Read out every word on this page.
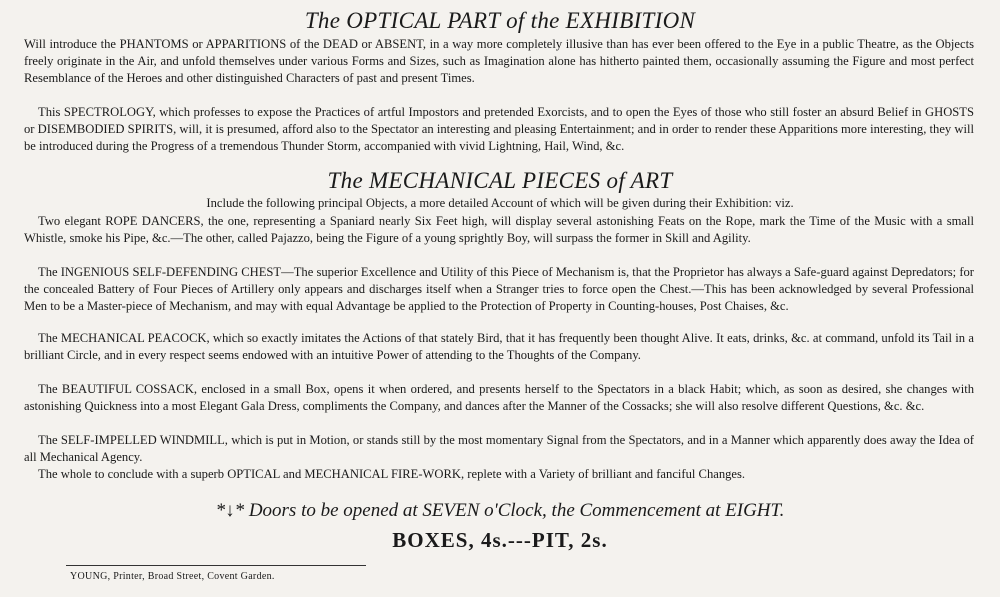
The OPTICAL PART of the EXHIBITION

Will introduce the PHANTOMS or APPARITIONS of the DEAD or ABSENT, in a way more completely illusive than has ever been offered to the Eye in a public Theatre, as the Objects freely originate in the Air, and unfold themselves under various Forms and Sizes, such as Imagination alone has hitherto painted them, occasionally assuming the Figure and most perfect Resemblance of the Heroes and other distinguished Characters of past and present Times.

This SPECTROLOGY, which professes to expose the Practices of artful Impostors and pretended Exorcists, and to open the Eyes of those who still foster an absurd Belief in GHOSTS or DISEMBODIED SPIRITS, will, it is presumed, afford also to the Spectator an interesting and pleasing Entertainment; and in order to render these Apparitions more interesting, they will be introduced during the Progress of a tremendous Thunder Storm, accompanied with vivid Lightning, Hail, Wind, &c.

The MECHANICAL PIECES of ART
Include the following principal Objects, a more detailed Account of which will be given during their Exhibition: viz.

Two elegant ROPE DANCERS, the one, representing a Spaniard nearly Six Feet high, will display several astonishing Feats on the Rope, mark the Time of the Music with a small Whistle, smoke his Pipe, &c.—The other, called Pajazzo, being the Figure of a young sprightly Boy, will surpass the former in Skill and Agility.

The INGENIOUS SELF-DEFENDING CHEST—The superior Excellence and Utility of this Piece of Mechanism is, that the Proprietor has always a Safe-guard against Depredators; for the concealed Battery of Four Pieces of Artillery only appears and discharges itself when a Stranger tries to force open the Chest.—This has been acknowledged by several Professional Men to be a Master-piece of Mechanism, and may with equal Advantage be applied to the Protection of Property in Counting-houses, Post Chaises, &c.

The MECHANICAL PEACOCK, which so exactly imitates the Actions of that stately Bird, that it has frequently been thought Alive. It eats, drinks, &c. at command, unfold its Tail in a brilliant Circle, and in every respect seems endowed with an intuitive Power of attending to the Thoughts of the Company.

The BEAUTIFUL COSSACK, enclosed in a small Box, opens it when ordered, and presents herself to the Spectators in a black Habit; which, as soon as desired, she changes with astonishing Quickness into a most Elegant Gala Dress, compliments the Company, and dances after the Manner of the Cossacks; she will also resolve different Questions, &c. &c.

The SELF-IMPELLED WINDMILL, which is put in Motion, or stands still by the most momentary Signal from the Spectators, and in a Manner which apparently does away the Idea of all Mechanical Agency.

The whole to conclude with a superb OPTICAL and MECHANICAL FIRE-WORK, replete with a Variety of brilliant and fanciful Changes.

*↓* Doors to be opened at SEVEN o'Clock, the Commencement at EIGHT.
BOXES, 4s.---PIT, 2s.
YOUNG, Printer, Broad Street, Covent Garden.
